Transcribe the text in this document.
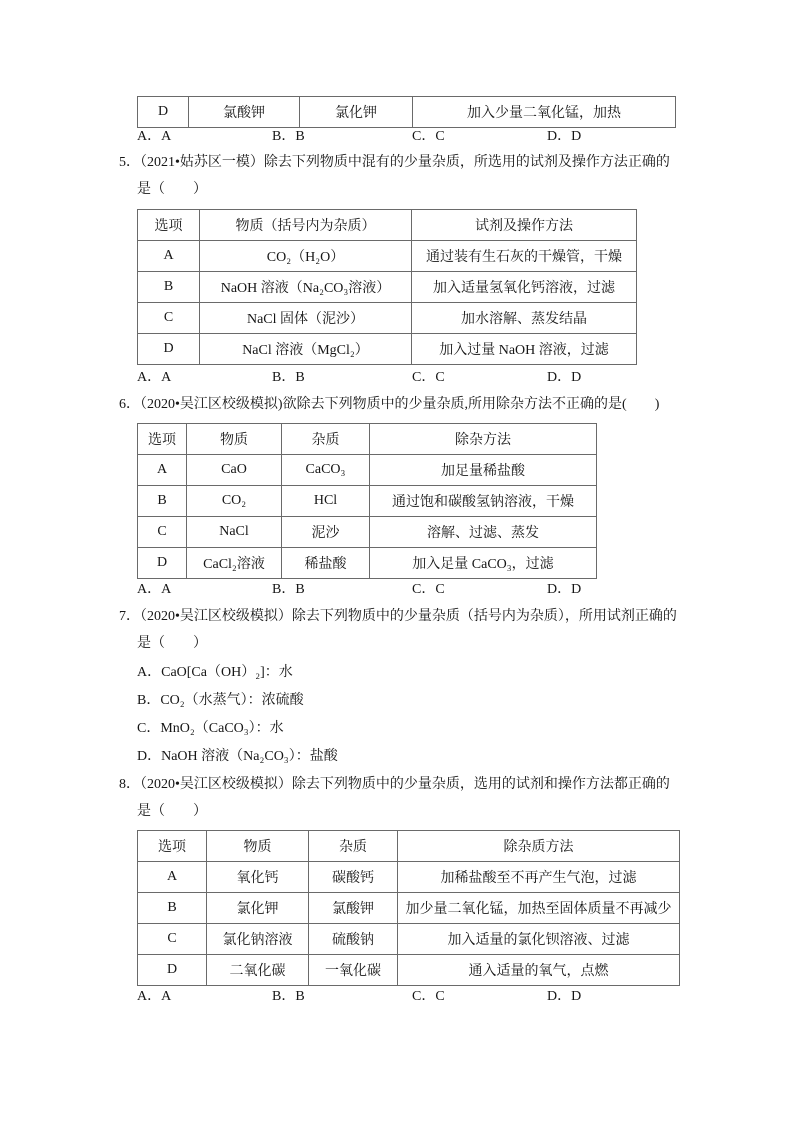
D	氯酸钾	氯化钾	加入少量二氧化锰，加热
A．A	B．B	C．C	D．D
5．（2021•姑苏区一模）除去下列物质中混有的少量杂质，所选用的试剂及操作方法正确的
是（　　）
选项	物质（括号内为杂质）	试剂及操作方法
A	CO₂（H₂O）	通过装有生石灰的干燥管，干燥
B	NaOH 溶液（Na₂CO₃溶液）	加入适量氢氧化钙溶液，过滤
C	NaCl 固体（泥沙）	加水溶解、蒸发结晶
D	NaCl 溶液（MgCl₂）	加入过量 NaOH 溶液，过滤
A．A	B．B	C．C	D．D
6．（2020•吴江区校级模拟)欲除去下列物质中的少量杂质,所用除杂方法不正确的是(　　)
选项	物质	杂质	除杂方法
A	CaO	CaCO₃	加足量稀盐酸
B	CO₂	HCl	通过饱和碳酸氢钠溶液，干燥
C	NaCl	泥沙	溶解、过滤、蒸发
D	CaCl₂溶液	稀盐酸	加入足量 CaCO₃，过滤
A．A	B．B	C．C	D．D
7．（2020•吴江区校级模拟）除去下列物质中的少量杂质（括号内为杂质），所用试剂正确的
是（　　）
A．CaO[Ca（OH）₂]：水
B．CO₂（水蒸气）：浓硫酸
C．MnO₂（CaCO₃）：水
D．NaOH 溶液（Na₂CO₃）：盐酸
8．（2020•吴江区校级模拟）除去下列物质中的少量杂质，选用的试剂和操作方法都正确的
是（　　）
选项	物质	杂质	除杂质方法
A	氧化钙	碳酸钙	加稀盐酸至不再产生气泡，过滤
B	氯化钾	氯酸钾	加少量二氧化锰，加热至固体质量不再减少
C	氯化钠溶液	硫酸钠	加入适量的氯化钡溶液、过滤
D	二氧化碳	一氧化碳	通入适量的氧气，点燃
A．A	B．B	C．C	D．D
